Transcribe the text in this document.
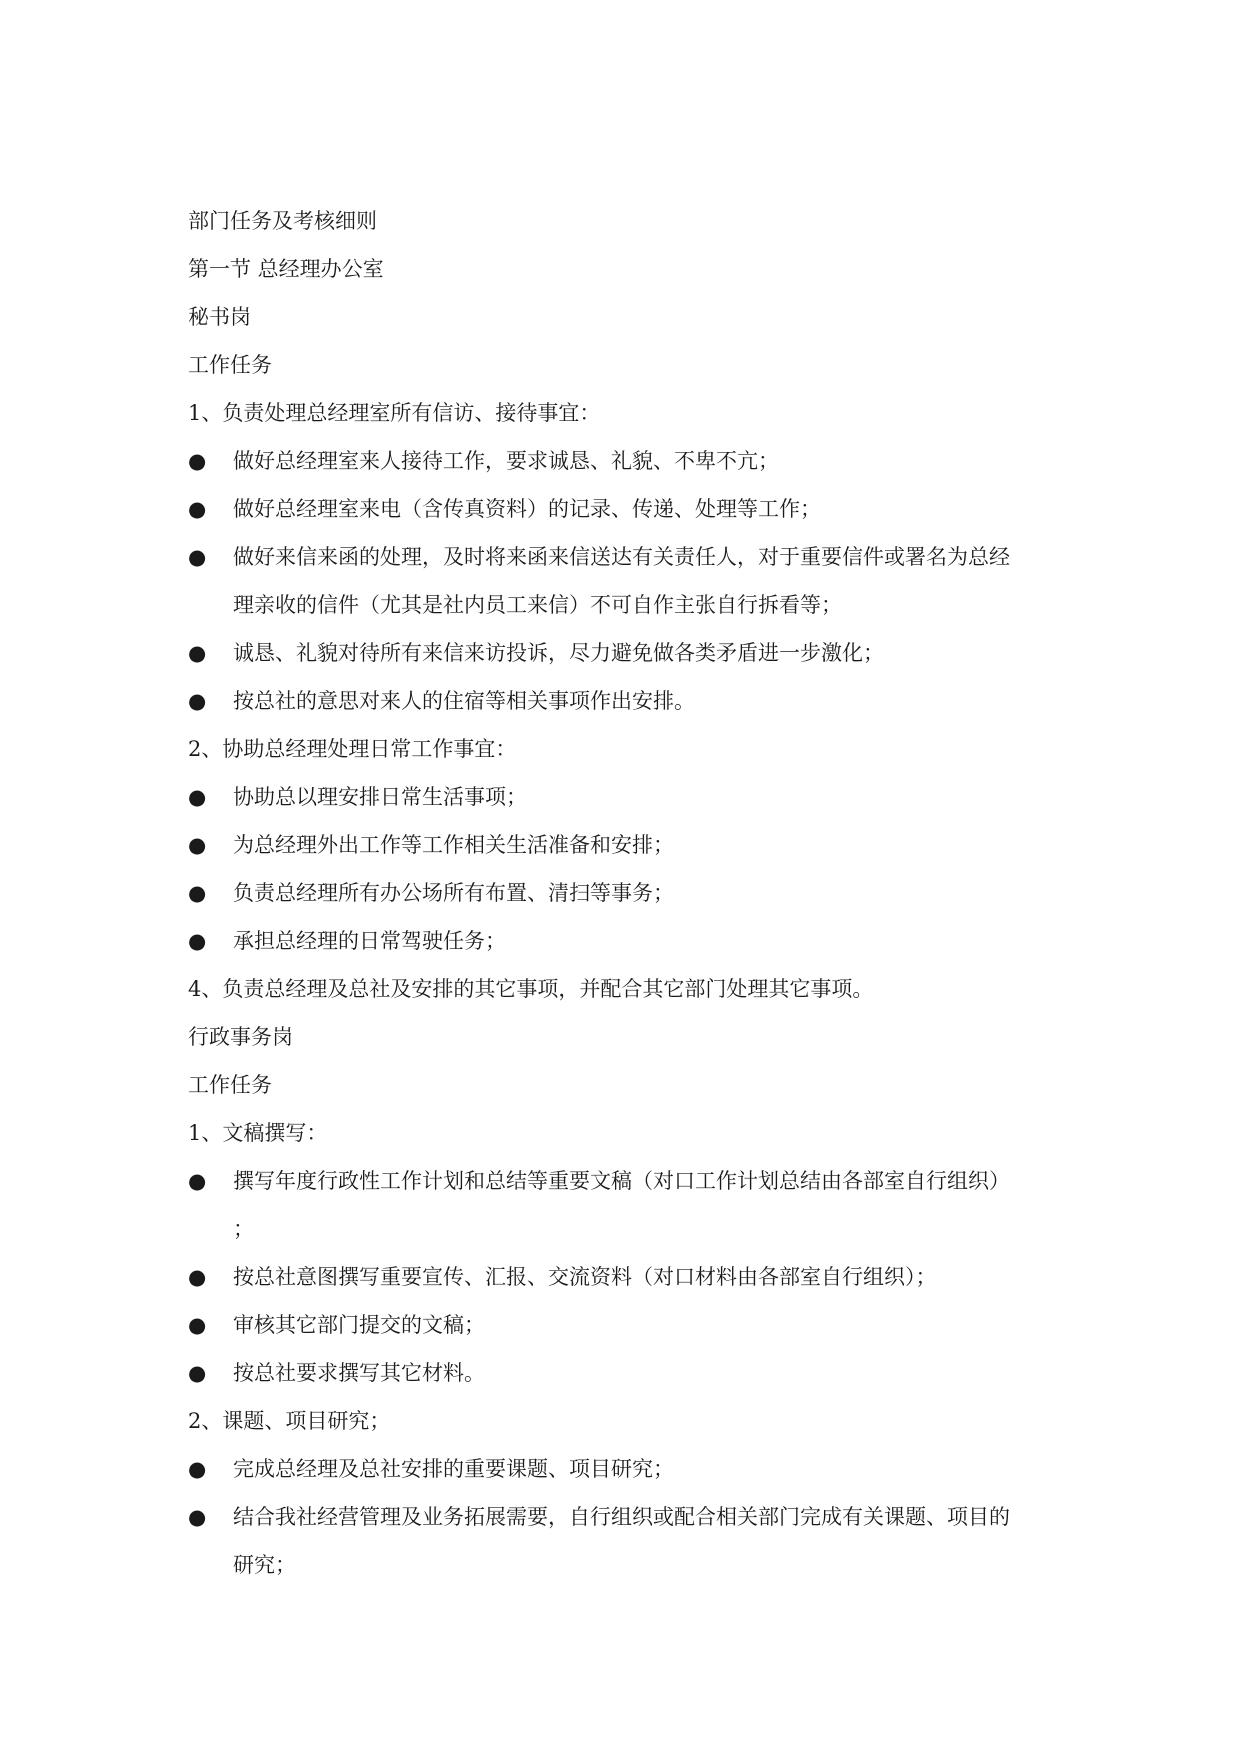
部门任务及考核细则
第一节 总经理办公室
秘书岗
工作任务
1、负责处理总经理室所有信访、接待事宜：
● 做好总经理室来人接待工作，要求诚恳、礼貌、不卑不亢；
● 做好总经理室来电（含传真资料）的记录、传递、处理等工作；
● 做好来信来函的处理，及时将来函来信送达有关责任人，对于重要信件或署名为总经
理亲收的信件（尤其是社内员工来信）不可自作主张自行拆看等；
● 诚恳、礼貌对待所有来信来访投诉，尽力避免做各类矛盾进一步激化；
● 按总社的意思对来人的住宿等相关事项作出安排。
2、协助总经理处理日常工作事宜：
● 协助总以理安排日常生活事项；
● 为总经理外出工作等工作相关生活准备和安排；
● 负责总经理所有办公场所有布置、清扫等事务；
● 承担总经理的日常驾驶任务；
4、负责总经理及总社及安排的其它事项，并配合其它部门处理其它事项。
行政事务岗
工作任务
1、文稿撰写：
● 撰写年度行政性工作计划和总结等重要文稿（对口工作计划总结由各部室自行组织）
；
● 按总社意图撰写重要宣传、汇报、交流资料（对口材料由各部室自行组织）；
● 审核其它部门提交的文稿；
● 按总社要求撰写其它材料。
2、课题、项目研究；
● 完成总经理及总社安排的重要课题、项目研究；
● 结合我社经营管理及业务拓展需要，自行组织或配合相关部门完成有关课题、项目的
研究；
